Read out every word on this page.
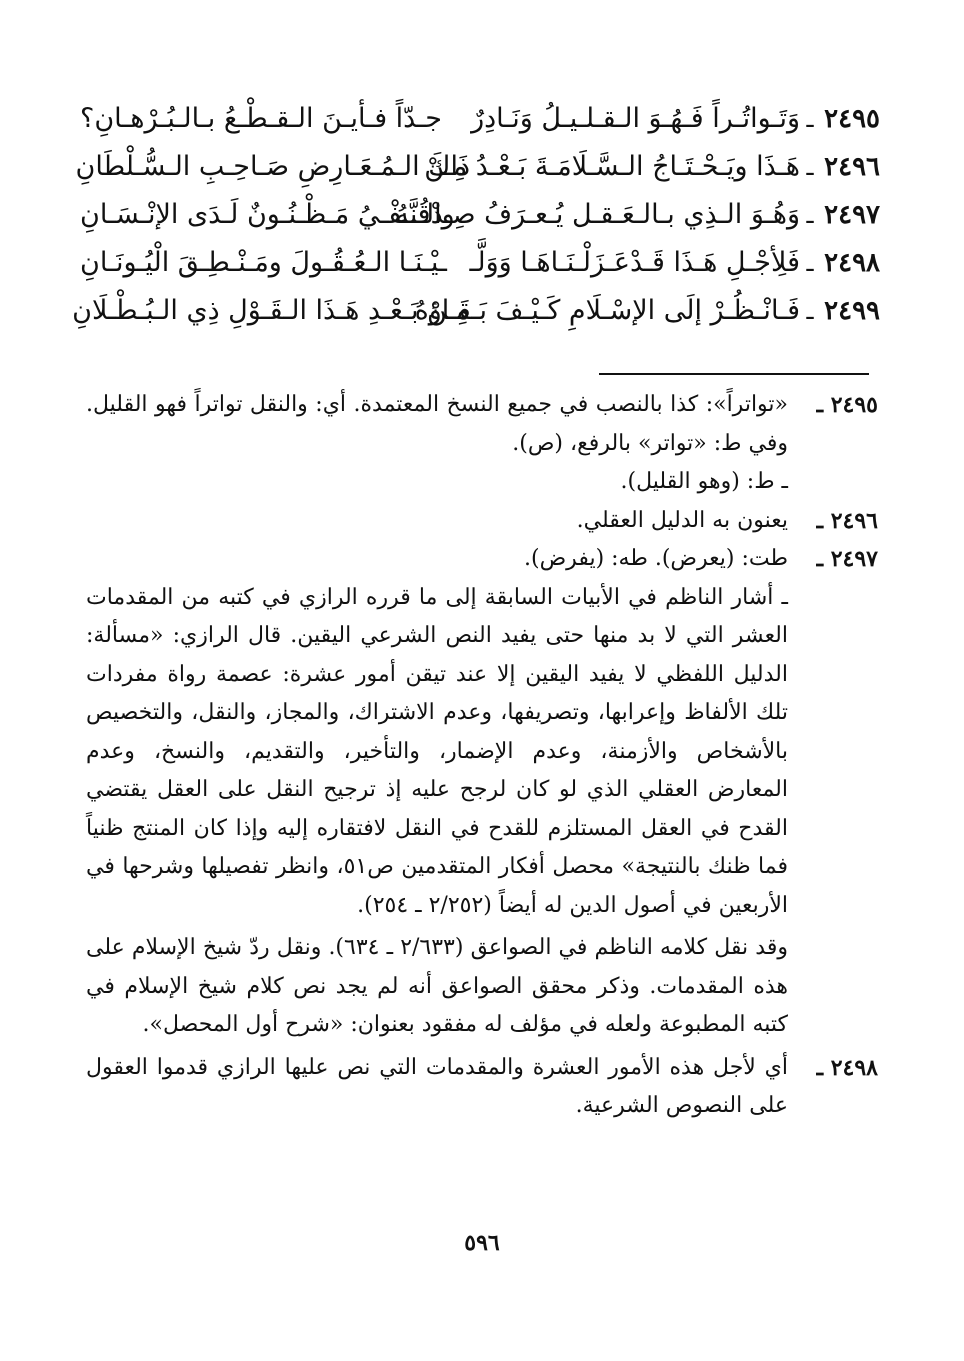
٢٤٩٥
ـ
وَتَـواتُـراً فَـهُـوَ الـقـلـيـلُ وَنَـادِرٌ
جـدّاً فـأيـنَ الـقـطْـعُ بـالـبُـرْهـانِ؟
٢٤٩٦
ـ
هَـذَا ويَـحْـتَـاجُ الـسَّـلَامَـةَ بَـعْـدُ مِـنْ
ذَاكَ الـمُـعَـارِضِ صَـاحِـبِ الـسُّـلْطَانِ
٢٤٩٧
ـ
وَهُـوَ الـذِي بـالـعَـقـل يُـعـرَفُ صِـدْقُـهُ
والـنَّـفْـيُ مَـظْـنُـونٌ لَـدَى الإنْـسَـانِ
٢٤٩٨
ـ
فَلِأجْـلِ هَـذَا قَـدْعَـزَلْـنَـاهَـا وَوَلَّـ
ـيْـنَـا الـعُـقُـولَ ومَـنْـطِـقَ الْيُـونَـانِ
٢٤٩٩
ـ
فَـانْـظُـرْ إلَى الإسْـلَامِ كَـيْـفَ بَـقَـاؤهُ
مِـنْ بَـعْـدِ هَـذَا الـقَـوْلِ ذِي الـبُـطْـلَانِ
٢٤٩٥ ـ
«تواتراً»: كذا بالنصب في جميع النسخ المعتمدة. أي: والنقل تواتراً فهو القليل. وفي ط: «تواتر» بالرفع، (ص).
ـ ط: (وهو القليل).
٢٤٩٦ ـ
يعنون به الدليل العقلي.
٢٤٩٧ ـ
طت: (يعرض). طه: (يفرض).
ـ أشار الناظم في الأبيات السابقة إلى ما قرره الرازي في كتبه من المقدمات العشر التي لا بد منها حتى يفيد النص الشرعي اليقين. قال الرازي: «مسألة: الدليل اللفظي لا يفيد اليقين إلا عند تيقن أمور عشرة: عصمة رواة مفردات تلك الألفاظ وإعرابها، وتصريفها، وعدم الاشتراك، والمجاز، والنقل، والتخصيص بالأشخاص والأزمنة، وعدم الإضمار، والتأخير، والتقديم، والنسخ، وعدم المعارض العقلي الذي لو كان لرجح عليه إذ ترجيح النقل على العقل يقتضي القدح في العقل المستلزم للقدح في النقل لافتقاره إليه وإذا كان المنتج ظنياً فما ظنك بالنتيجة» محصل أفكار المتقدمين ص٥١، وانظر تفصيلها وشرحها في الأربعين في أصول الدين له أيضاً (٢/٢٥٢ ـ ٢٥٤).
وقد نقل كلامه الناظم في الصواعق (٢/٦٣٣ ـ ٦٣٤). ونقل ردّ شيخ الإسلام على هذه المقدمات. وذكر محقق الصواعق أنه لم يجد نص كلام شيخ الإسلام في كتبه المطبوعة ولعله في مؤلف له مفقود بعنوان: «شرح أول المحصل».
٢٤٩٨ ـ
أي لأجل هذه الأمور العشرة والمقدمات التي نص عليها الرازي قدموا العقول على النصوص الشرعية.
٥٩٦
